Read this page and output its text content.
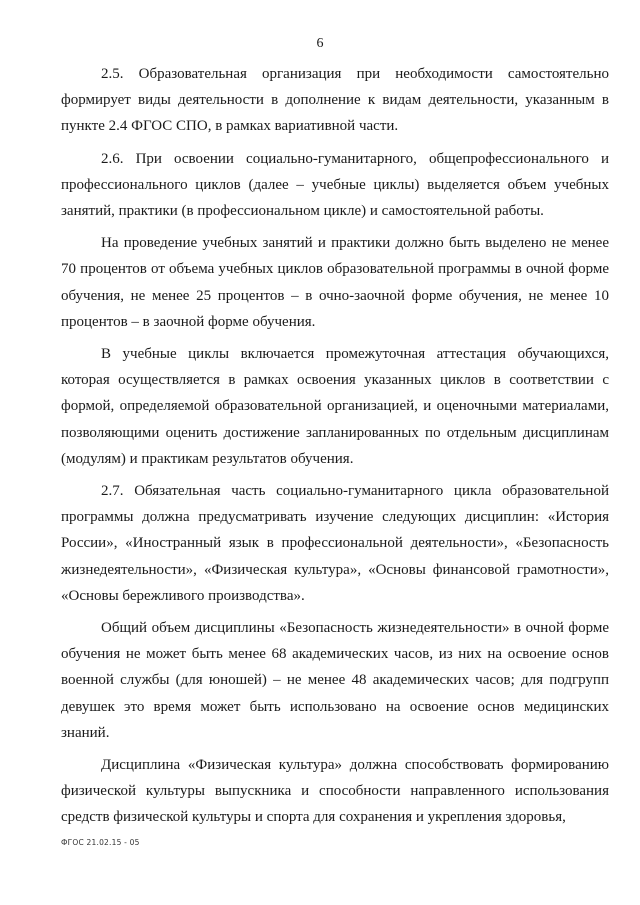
6

2.5. Образовательная организация при необходимости самостоятельно формирует виды деятельности в дополнение к видам деятельности, указанным в пункте 2.4 ФГОС СПО, в рамках вариативной части.

2.6. При освоении социально-гуманитарного, общепрофессионального и профессионального циклов (далее – учебные циклы) выделяется объем учебных занятий, практики (в профессиональном цикле) и самостоятельной работы.

На проведение учебных занятий и практики должно быть выделено не менее 70 процентов от объема учебных циклов образовательной программы в очной форме обучения, не менее 25 процентов – в очно-заочной форме обучения, не менее 10 процентов – в заочной форме обучения.

В учебные циклы включается промежуточная аттестация обучающихся, которая осуществляется в рамках освоения указанных циклов в соответствии с формой, определяемой образовательной организацией, и оценочными материалами, позволяющими оценить достижение запланированных по отдельным дисциплинам (модулям) и практикам результатов обучения.

2.7. Обязательная часть социально-гуманитарного цикла образовательной программы должна предусматривать изучение следующих дисциплин: «История России», «Иностранный язык в профессиональной деятельности», «Безопасность жизнедеятельности», «Физическая культура», «Основы финансовой грамотности», «Основы бережливого производства».

Общий объем дисциплины «Безопасность жизнедеятельности» в очной форме обучения не может быть менее 68 академических часов, из них на освоение основ военной службы (для юношей) – не менее 48 академических часов; для подгрупп девушек это время может быть использовано на освоение основ медицинских знаний.

Дисциплина «Физическая культура» должна способствовать формированию физической культуры выпускника и способности направленного использования средств физической культуры и спорта для сохранения и укрепления здоровья,

ФГОС 21.02.15 - 05
